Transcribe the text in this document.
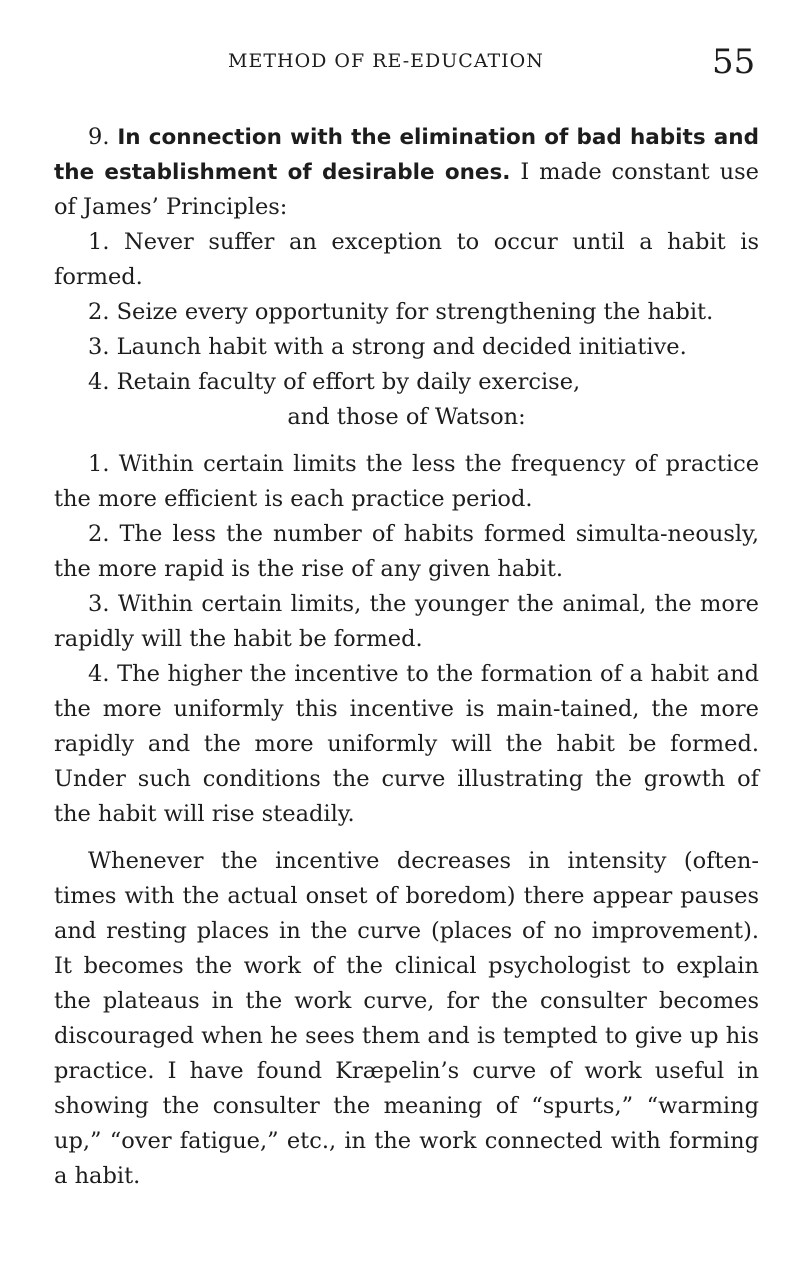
METHOD OF RE-EDUCATION	55

9. In connection with the elimination of bad habits and the establishment of desirable ones. I made constant use of James’ Principles:

1. Never suffer an exception to occur until a habit is formed.

2. Seize every opportunity for strengthening the habit.

3. Launch habit with a strong and decided initiative.

4. Retain faculty of effort by daily exercise,

and those of Watson:

1. Within certain limits the less the frequency of practice the more efficient is each practice period.

2. The less the number of habits formed simulta-neously, the more rapid is the rise of any given habit.

3. Within certain limits, the younger the animal, the more rapidly will the habit be formed.

4. The higher the incentive to the formation of a habit and the more uniformly this incentive is main-tained, the more rapidly and the more uniformly will the habit be formed. Under such conditions the curve illustrating the growth of the habit will rise steadily.

Whenever the incentive decreases in intensity (often-times with the actual onset of boredom) there appear pauses and resting places in the curve (places of no improvement). It becomes the work of the clinical psychologist to explain the plateaus in the work curve, for the consulter becomes discouraged when he sees them and is tempted to give up his practice. I have found Kræpelin’s curve of work useful in showing the consulter the meaning of “spurts,” “warming up,” “over fatigue,” etc., in the work connected with forming a habit.
